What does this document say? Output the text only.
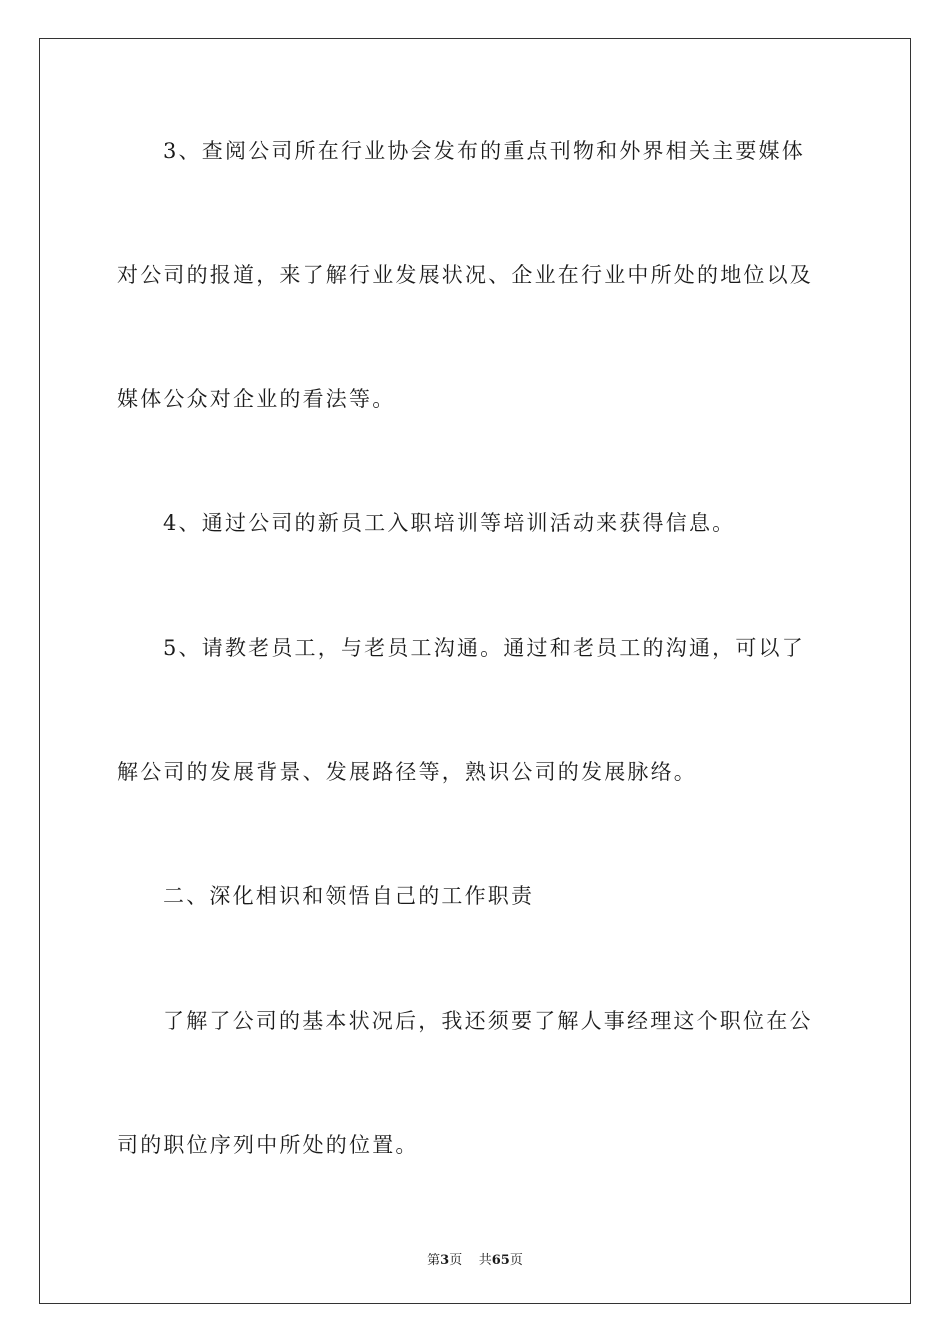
3、查阅公司所在行业协会发布的重点刊物和外界相关主要媒体
对公司的报道，来了解行业发展状况、企业在行业中所处的地位以及
媒体公众对企业的看法等。
4、通过公司的新员工入职培训等培训活动来获得信息。
5、请教老员工，与老员工沟通。通过和老员工的沟通，可以了
解公司的发展背景、发展路径等，熟识公司的发展脉络。
二、深化相识和领悟自己的工作职责
了解了公司的基本状况后，我还须要了解人事经理这个职位在公
司的职位序列中所处的位置。
第3页 共65页
